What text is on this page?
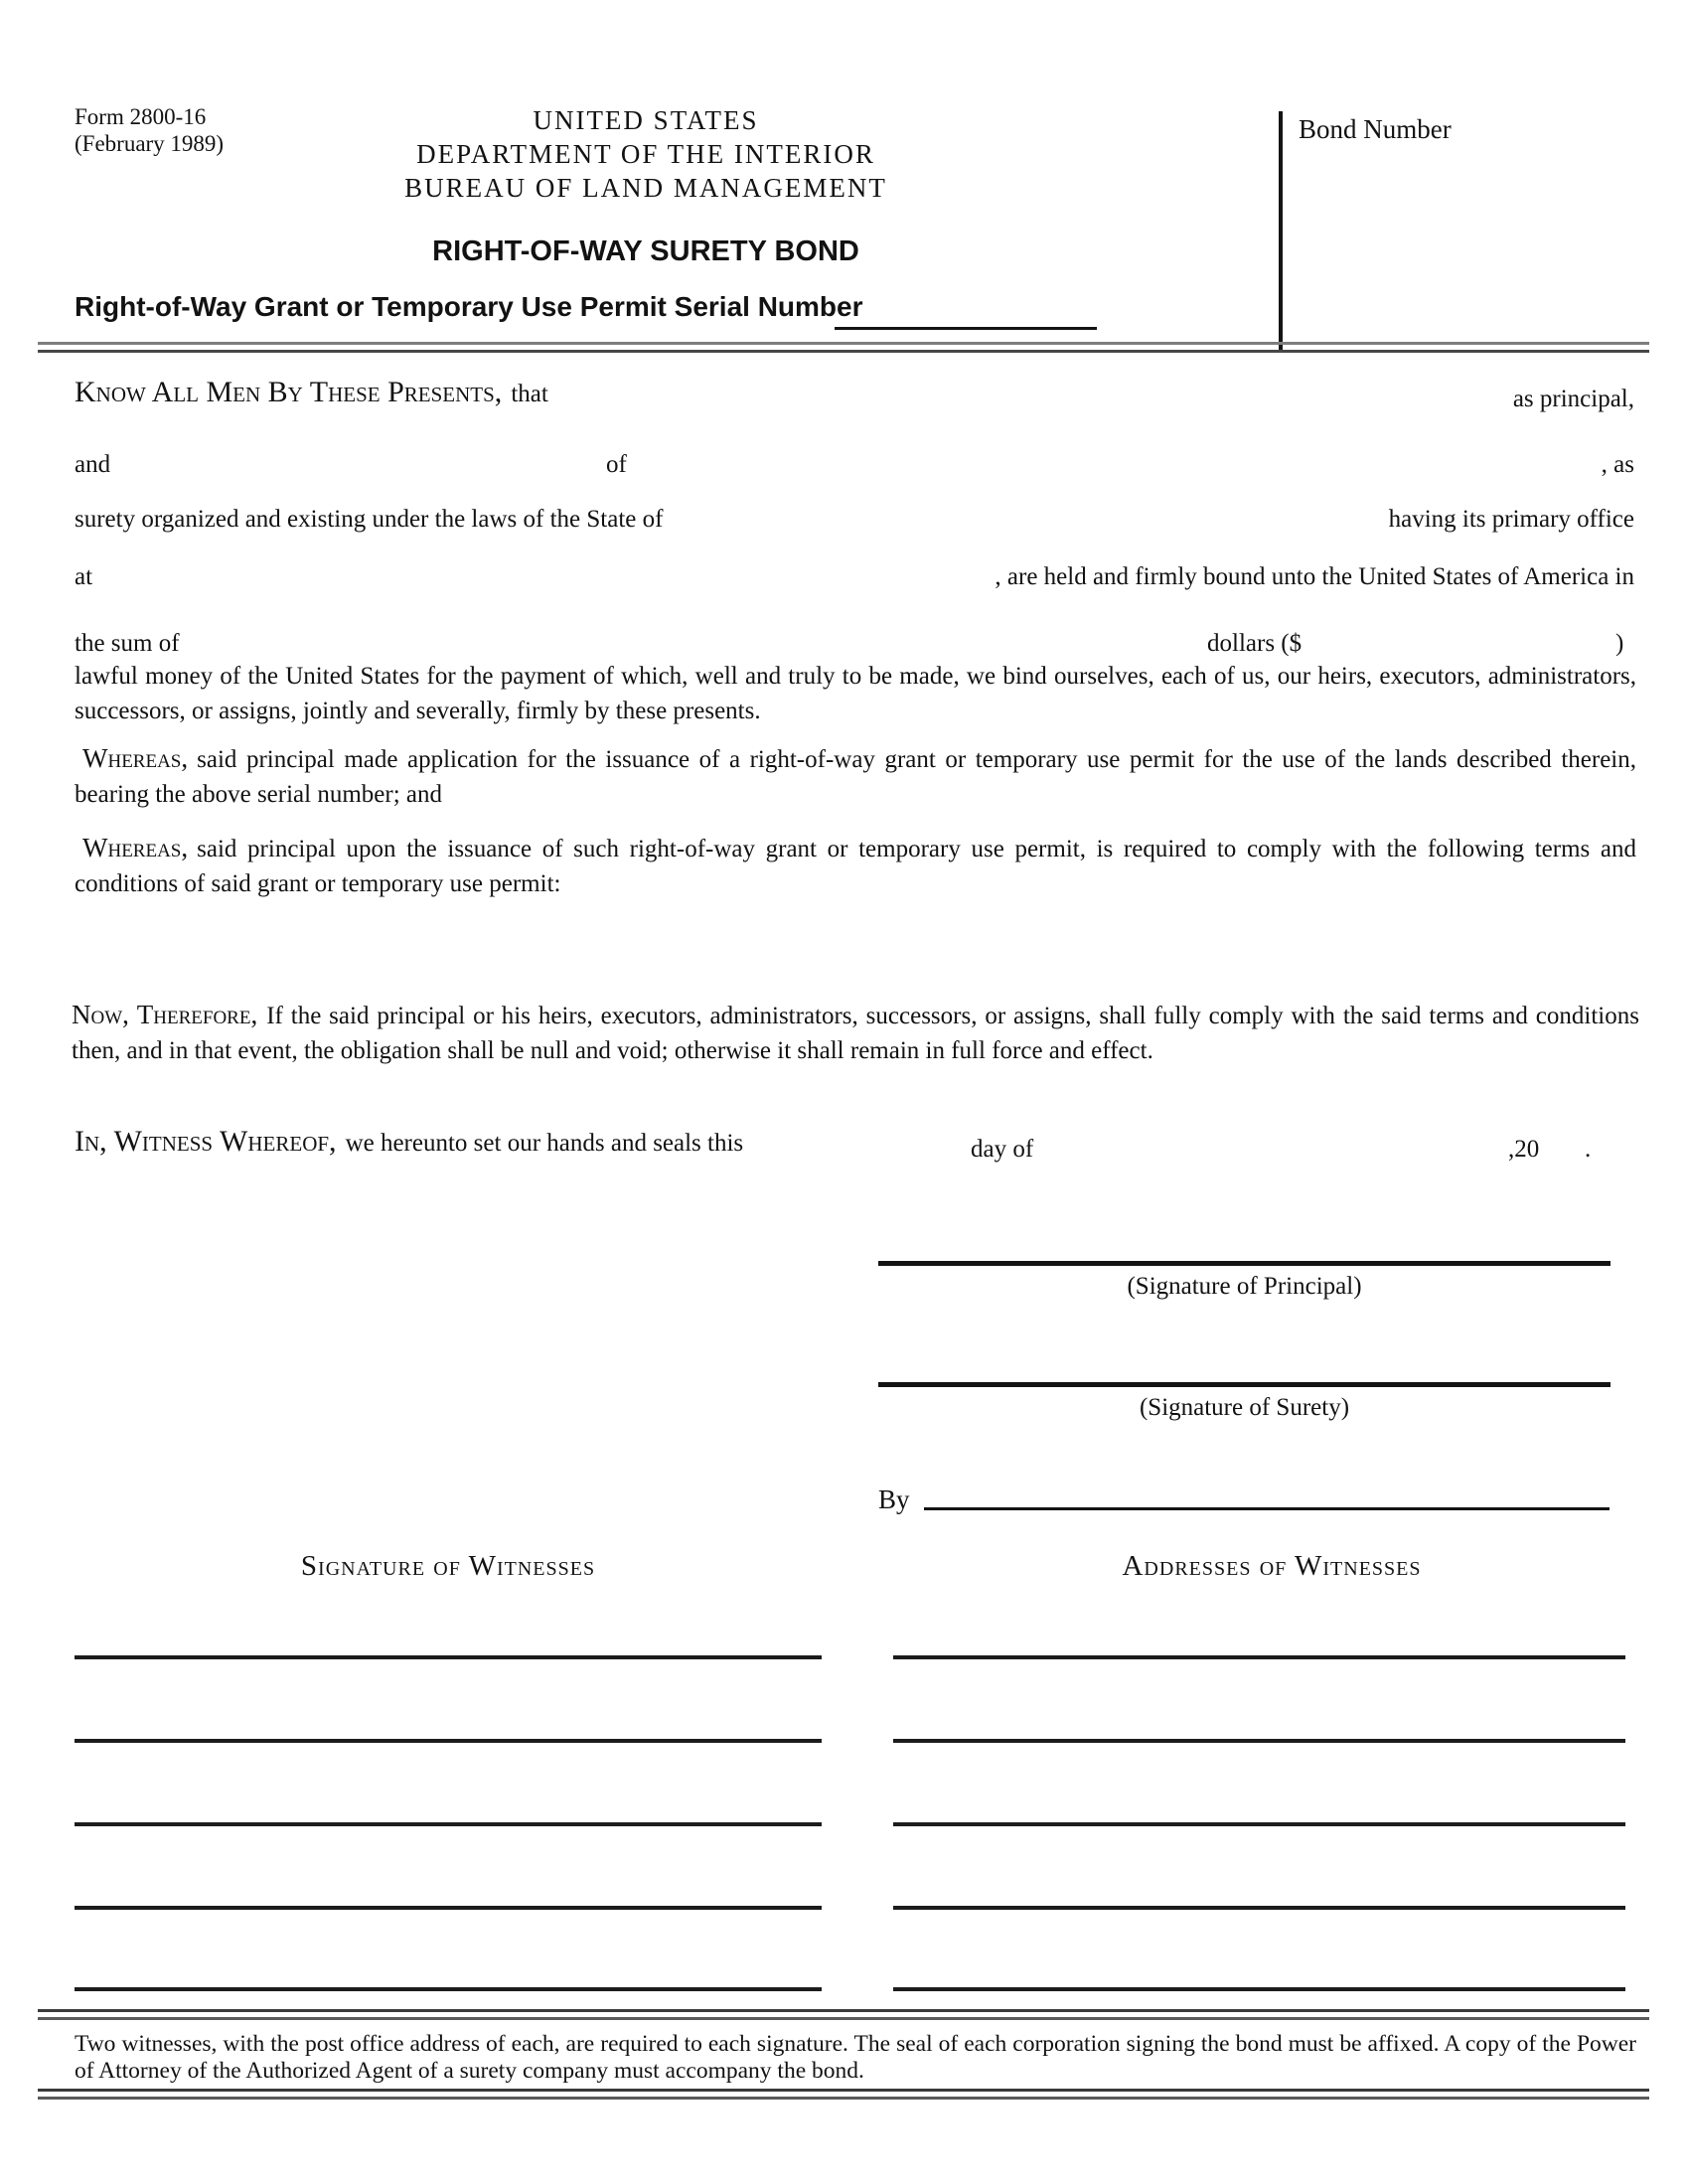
Form 2800-16
(February 1989)
UNITED STATES
DEPARTMENT OF THE INTERIOR
BUREAU OF LAND MANAGEMENT
RIGHT-OF-WAY SURETY BOND
Right-of-Way Grant or Temporary Use Permit Serial Number
Bond Number
Know All Men By These Presents, that	as principal,
and	of	, as
surety organized and existing under the laws of the State of	having its primary office
at	, are held and firmly bound unto the United States of America in
the sum of	dollars ($	)
lawful money of the United States for the payment of which, well and truly to be made, we bind ourselves, each of us, our heirs, executors, administrators, successors, or assigns, jointly and severally, firmly by these presents.
Whereas, said principal made application for the issuance of a right-of-way grant or temporary use permit for the use of the lands described therein, bearing the above serial number; and
Whereas, said principal upon the issuance of such right-of-way grant or temporary use permit, is required to comply with the following terms and conditions of said grant or temporary use permit:
Now, Therefore, If the said principal or his heirs, executors, administrators, successors, or assigns, shall fully comply with the said terms and conditions then, and in that event, the obligation shall be null and void; otherwise it shall remain in full force and effect.
In, Witness Whereof, we hereunto set our hands and seals this	day of	,20 .
(Signature of Principal)
(Signature of Surety)
By
Signature of Witnesses	Addresses of Witnesses
Two witnesses, with the post office address of each, are required to each signature. The seal of each corporation signing the bond must be affixed. A copy of the Power of Attorney of the Authorized Agent of a surety company must accompany the bond.
